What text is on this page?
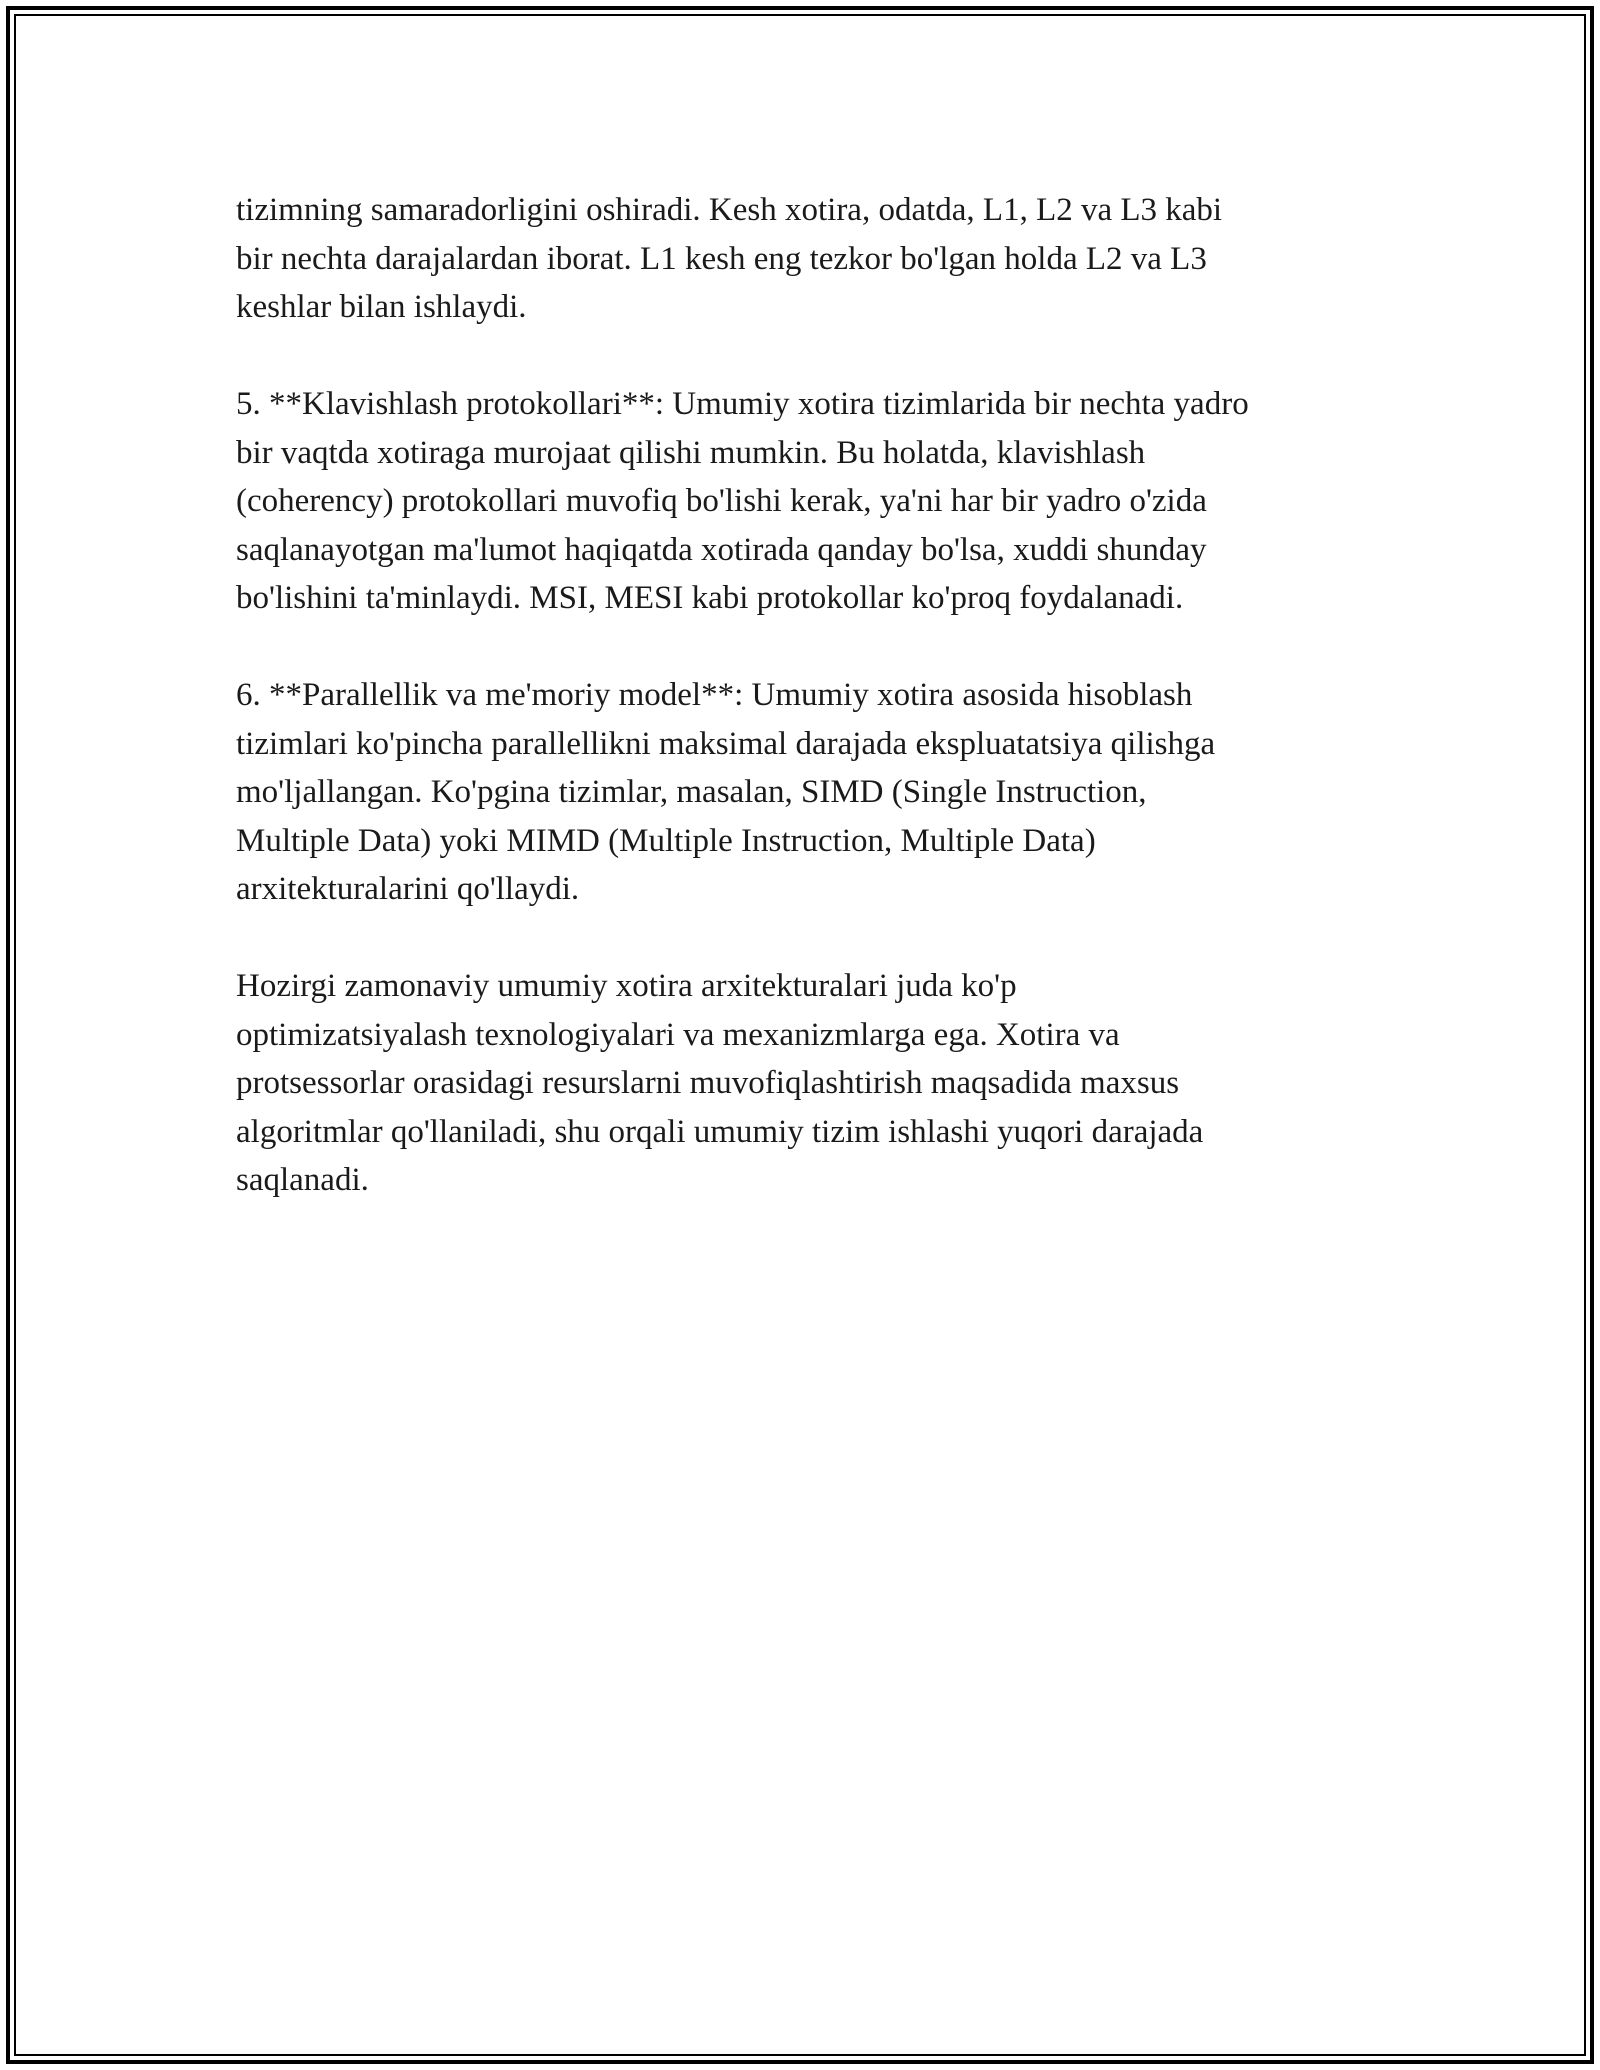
tizimning samaradorligini oshiradi. Kesh xotira, odatda, L1, L2 va L3 kabi
bir nechta darajalardan iborat. L1 kesh eng tezkor bo'lgan holda L2 va L3
keshlar bilan ishlaydi.

5. **Klavishlash protokollari**: Umumiy xotira tizimlarida bir nechta yadro
bir vaqtda xotiraga murojaat qilishi mumkin. Bu holatda, klavishlash
(coherency) protokollari muvofiq bo'lishi kerak, ya'ni har bir yadro o'zida
saqlanayotgan ma'lumot haqiqatda xotirada qanday bo'lsa, xuddi shunday
bo'lishini ta'minlaydi. MSI, MESI kabi protokollar ko'proq foydalanadi.

6. **Parallellik va me'moriy model**: Umumiy xotira asosida hisoblash
tizimlari ko'pincha parallellikni maksimal darajada ekspluatatsiya qilishga
mo'ljallangan. Ko'pgina tizimlar, masalan, SIMD (Single Instruction,
Multiple Data) yoki MIMD (Multiple Instruction, Multiple Data)
arxitekturalarini qo'llaydi.

Hozirgi zamonaviy umumiy xotira arxitekturalari juda ko'p
optimizatsiyalash texnologiyalari va mexanizmlarga ega. Xotira va
protsessorlar orasidagi resurslarni muvofiqlashtirish maqsadida maxsus
algoritmlar qo'llaniladi, shu orqali umumiy tizim ishlashi yuqori darajada
saqlanadi.
